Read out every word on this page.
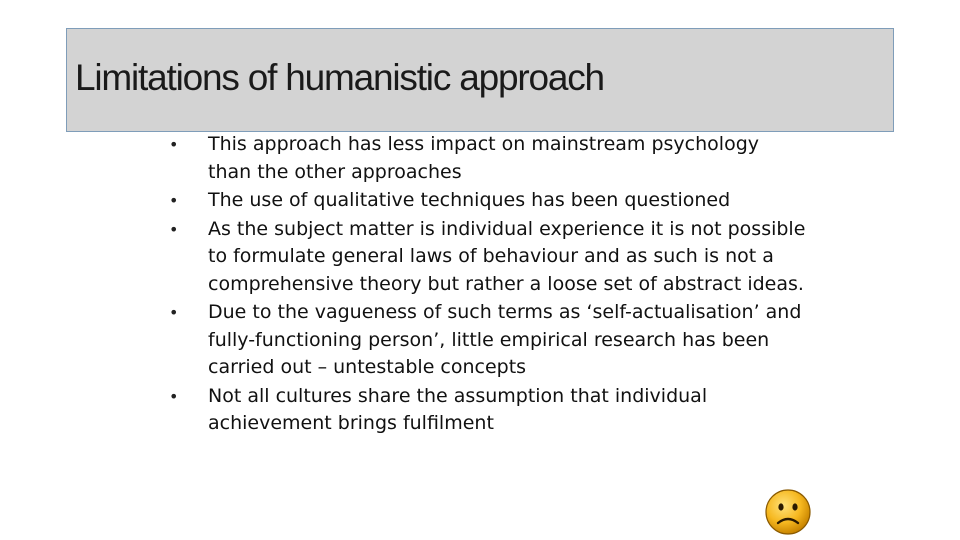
Limitations of humanistic approach
• This approach has less impact on mainstream psychology than the other approaches
• The use of qualitative techniques has been questioned
• As the subject matter is individual experience it is not possible to formulate general laws of behaviour and as such is not a comprehensive theory but rather a loose set of abstract ideas.
• Due to the vagueness of such terms as ‘self-actualisation’ and fully-functioning person’, little empirical research has been carried out – untestable concepts
• Not all cultures share the assumption that individual achievement brings fulfilment
